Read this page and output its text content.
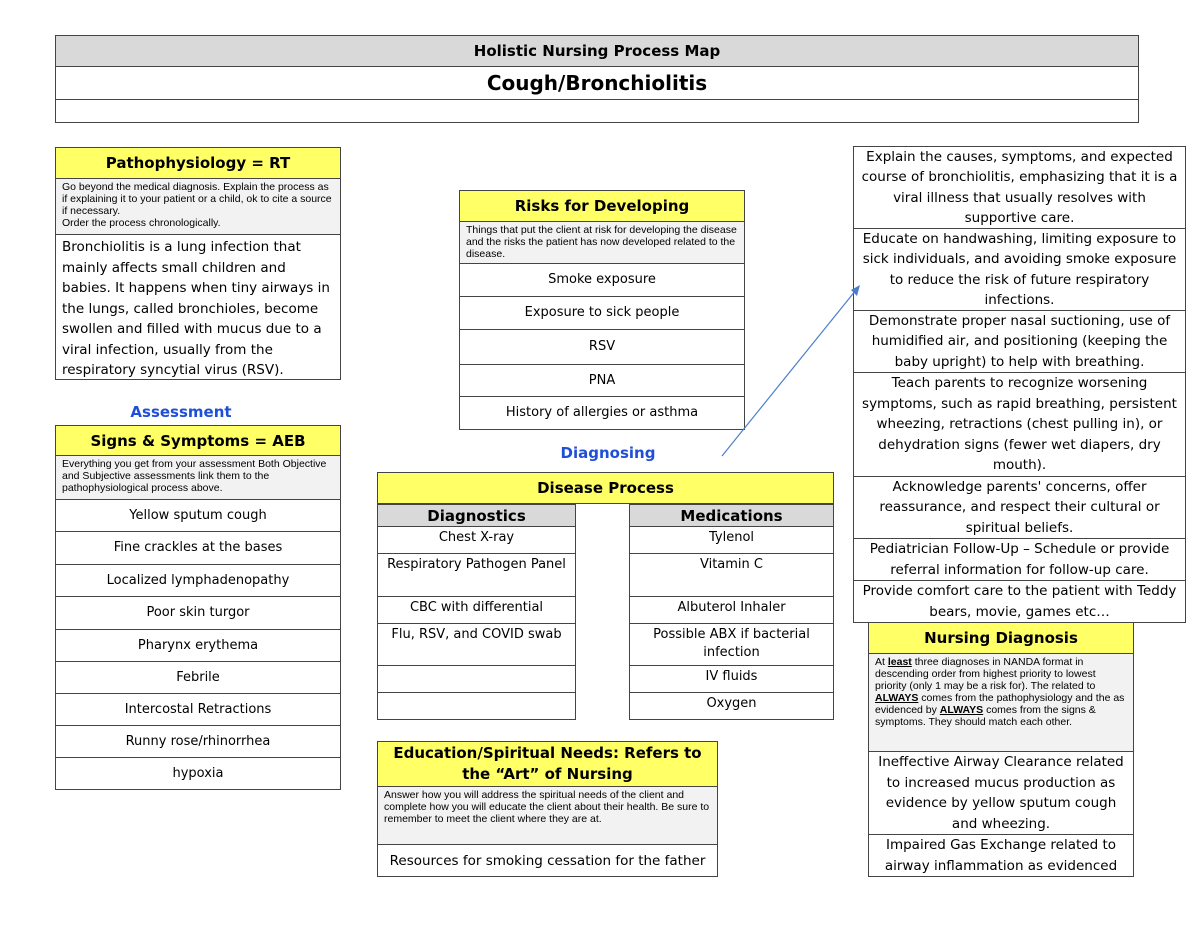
Holistic Nursing Process Map
Cough/Bronchiolitis
Pathophysiology = RT
Go beyond the medical diagnosis. Explain the process as if explaining it to your patient or a child, ok to cite a source if necessary.
Order the process chronologically.
Bronchiolitis is a lung infection that mainly affects small children and babies. It happens when tiny airways in the lungs, called bronchioles, become swollen and filled with mucus due to a viral infection, usually from the respiratory syncytial virus (RSV).
Assessment
Signs & Symptoms = AEB
Everything you get from your assessment Both Objective and Subjective assessments link them to the pathophysiological process above.
Yellow sputum cough
Fine crackles at the bases
Localized lymphadenopathy
Poor skin turgor
Pharynx erythema
Febrile
Intercostal Retractions
Runny rose/rhinorrhea
hypoxia
Risks for Developing
Things that put the client at risk for developing the disease and the risks the patient has now developed related to the disease.
Smoke exposure
Exposure to sick people
RSV
PNA
History of allergies or asthma
Diagnosing
Disease Process
Diagnostics	Medications
Chest X-ray
Respiratory Pathogen Panel
CBC with differential
Flu, RSV, and COVID swab
Tylenol
Vitamin C
Albuterol Inhaler
Possible ABX if bacterial infection
IV fluids
Oxygen
Education/Spiritual Needs: Refers to the “Art” of Nursing
Answer how you will address the spiritual needs of the client and complete how you will educate the client about their health. Be sure to remember to meet the client where they are at.
Resources for smoking cessation for the father
Explain the causes, symptoms, and expected course of bronchiolitis, emphasizing that it is a viral illness that usually resolves with supportive care.
Educate on handwashing, limiting exposure to sick individuals, and avoiding smoke exposure to reduce the risk of future respiratory infections.
Demonstrate proper nasal suctioning, use of humidified air, and positioning (keeping the baby upright) to help with breathing.
Teach parents to recognize worsening symptoms, such as rapid breathing, persistent wheezing, retractions (chest pulling in), or dehydration signs (fewer wet diapers, dry mouth).
Acknowledge parents' concerns, offer reassurance, and respect their cultural or spiritual beliefs.
Pediatrician Follow-Up – Schedule or provide referral information for follow-up care.
Provide comfort care to the patient with Teddy bears, movie, games etc…
Nursing Diagnosis
At least three diagnoses in NANDA format in descending order from highest priority to lowest priority (only 1 may be a risk for). The related to ALWAYS comes from the pathophysiology and the as evidenced by ALWAYS comes from the signs & symptoms. They should match each other.
Ineffective Airway Clearance related to increased mucus production as evidence by yellow sputum cough and wheezing.
Impaired Gas Exchange related to airway inflammation as evidenced
